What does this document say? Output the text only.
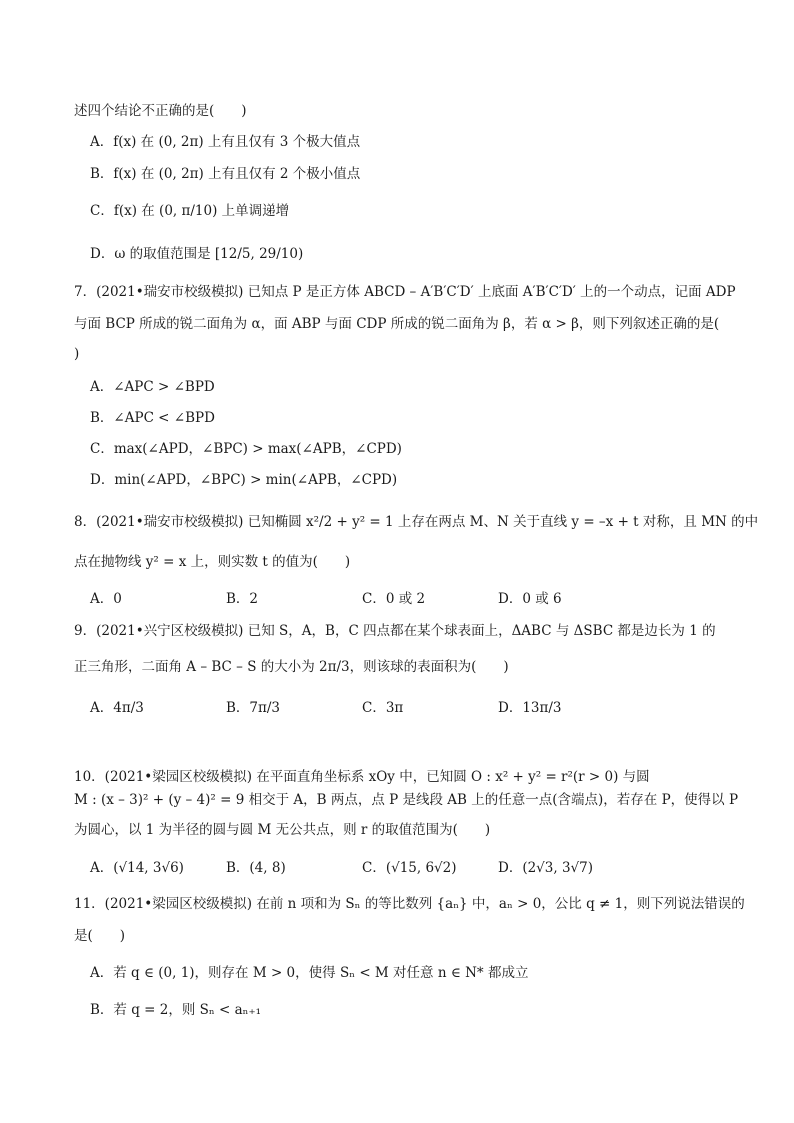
述四个结论不正确的是(　　)
A．f(x) 在 (0, 2π) 上有且仅有 3 个极大值点
B．f(x) 在 (0, 2π) 上有且仅有 2 个极小值点
C．f(x) 在 (0, π/10) 上单调递增
D．ω 的取值范围是 [12/5, 29/10)
7．(2021•瑞安市校级模拟) 已知点 P 是正方体 ABCD – A′B′C′D′ 上底面 A′B′C′D′ 上的一个动点，记面 ADP
与面 BCP 所成的锐二面角为 α，面 ABP 与面 CDP 所成的锐二面角为 β，若 α > β，则下列叙述正确的是(
)
A．∠APC > ∠BPD
B．∠APC < ∠BPD
C．max(∠APD，∠BPC) > max(∠APB，∠CPD)
D．min(∠APD，∠BPC) > min(∠APB，∠CPD)
8．(2021•瑞安市校级模拟) 已知椭圆 x²/2 + y² = 1 上存在两点 M、N 关于直线 y = –x + t 对称，且 MN 的中
点在抛物线 y² = x 上，则实数 t 的值为(　　)
A．0	B．2	C．0 或 2	D．0 或 6
9．(2021•兴宁区校级模拟) 已知 S，A，B，C 四点都在某个球表面上，ΔABC 与 ΔSBC 都是边长为 1 的
正三角形，二面角 A – BC – S 的大小为 2π/3，则该球的表面积为(　　)
A．4π/3	B．7π/3	C．3π	D．13π/3
10．(2021•梁园区校级模拟) 在平面直角坐标系 xOy 中，已知圆 O : x² + y² = r²(r > 0) 与圆
M : (x – 3)² + (y – 4)² = 9 相交于 A，B 两点，点 P 是线段 AB 上的任意一点(含端点)，若存在 P，使得以 P
为圆心，以 1 为半径的圆与圆 M 无公共点，则 r 的取值范围为(　　)
A．(√14, 3√6)	B．(4, 8)	C．(√15, 6√2)	D．(2√3, 3√7)
11．(2021•梁园区校级模拟) 在前 n 项和为 Sₙ 的等比数列 {aₙ} 中，aₙ > 0，公比 q ≠ 1，则下列说法错误的
是(　　)
A．若 q ∈ (0, 1)，则存在 M > 0，使得 Sₙ < M 对任意 n ∈ N* 都成立
B．若 q = 2，则 Sₙ < aₙ₊₁
